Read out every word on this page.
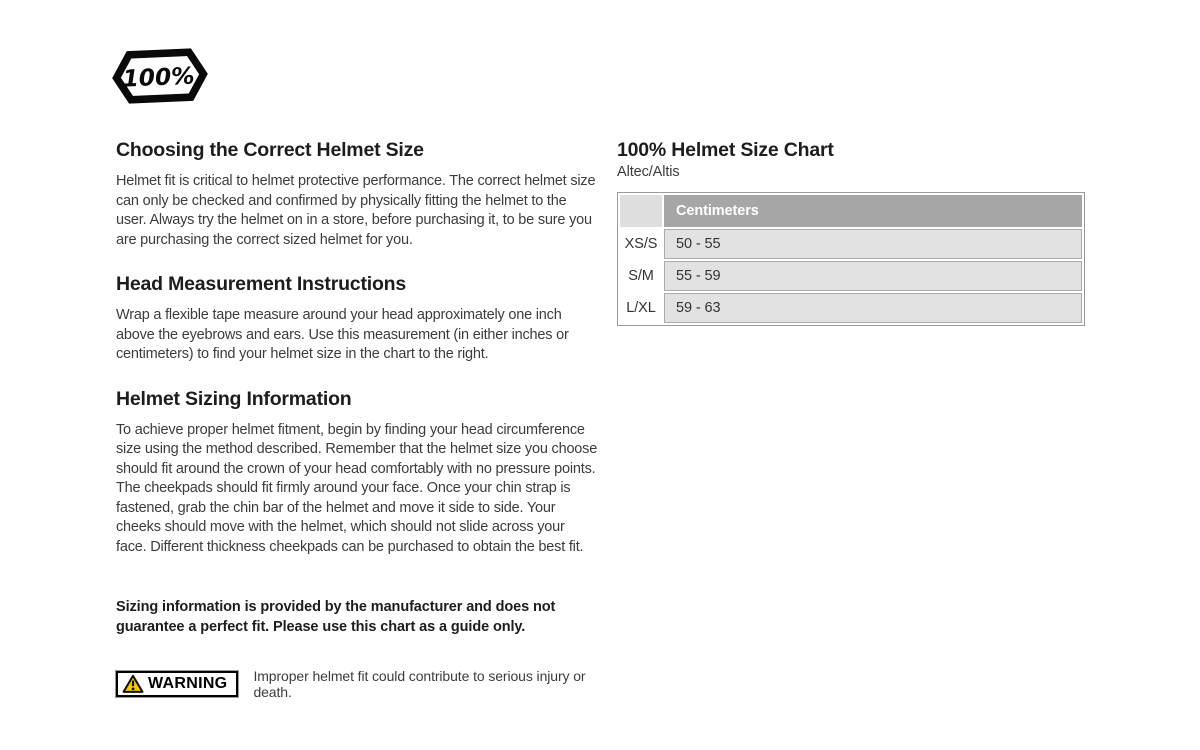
100%
Choosing the Correct Helmet Size

Helmet fit is critical to helmet protective performance. The correct helmet size can only be checked and confirmed by physically fitting the helmet to the user. Always try the helmet on in a store, before purchasing it, to be sure you are purchasing the correct sized helmet for you.

Head Measurement Instructions

Wrap a flexible tape measure around your head approximately one inch above the eyebrows and ears. Use this measurement (in either inches or centimeters) to find your helmet size in the chart to the right.

Helmet Sizing Information

To achieve proper helmet fitment, begin by finding your head circumference size using the method described. Remember that the helmet size you choose should fit around the crown of your head comfortably with no pressure points. The cheekpads should fit firmly around your face. Once your chin strap is fastened, grab the chin bar of the helmet and move it side to side. Your cheeks should move with the helmet, which should not slide across your face. Different thickness cheekpads can be purchased to obtain the best fit.

Sizing information is provided by the manufacturer and does not guarantee a perfect fit. Please use this chart as a guide only.

WARNING Improper helmet fit could contribute to serious injury or death.
100% Helmet Size Chart
Altec/Altis
	Centimeters
XS/S	50 - 55
S/M	55 - 59
L/XL	59 - 63
